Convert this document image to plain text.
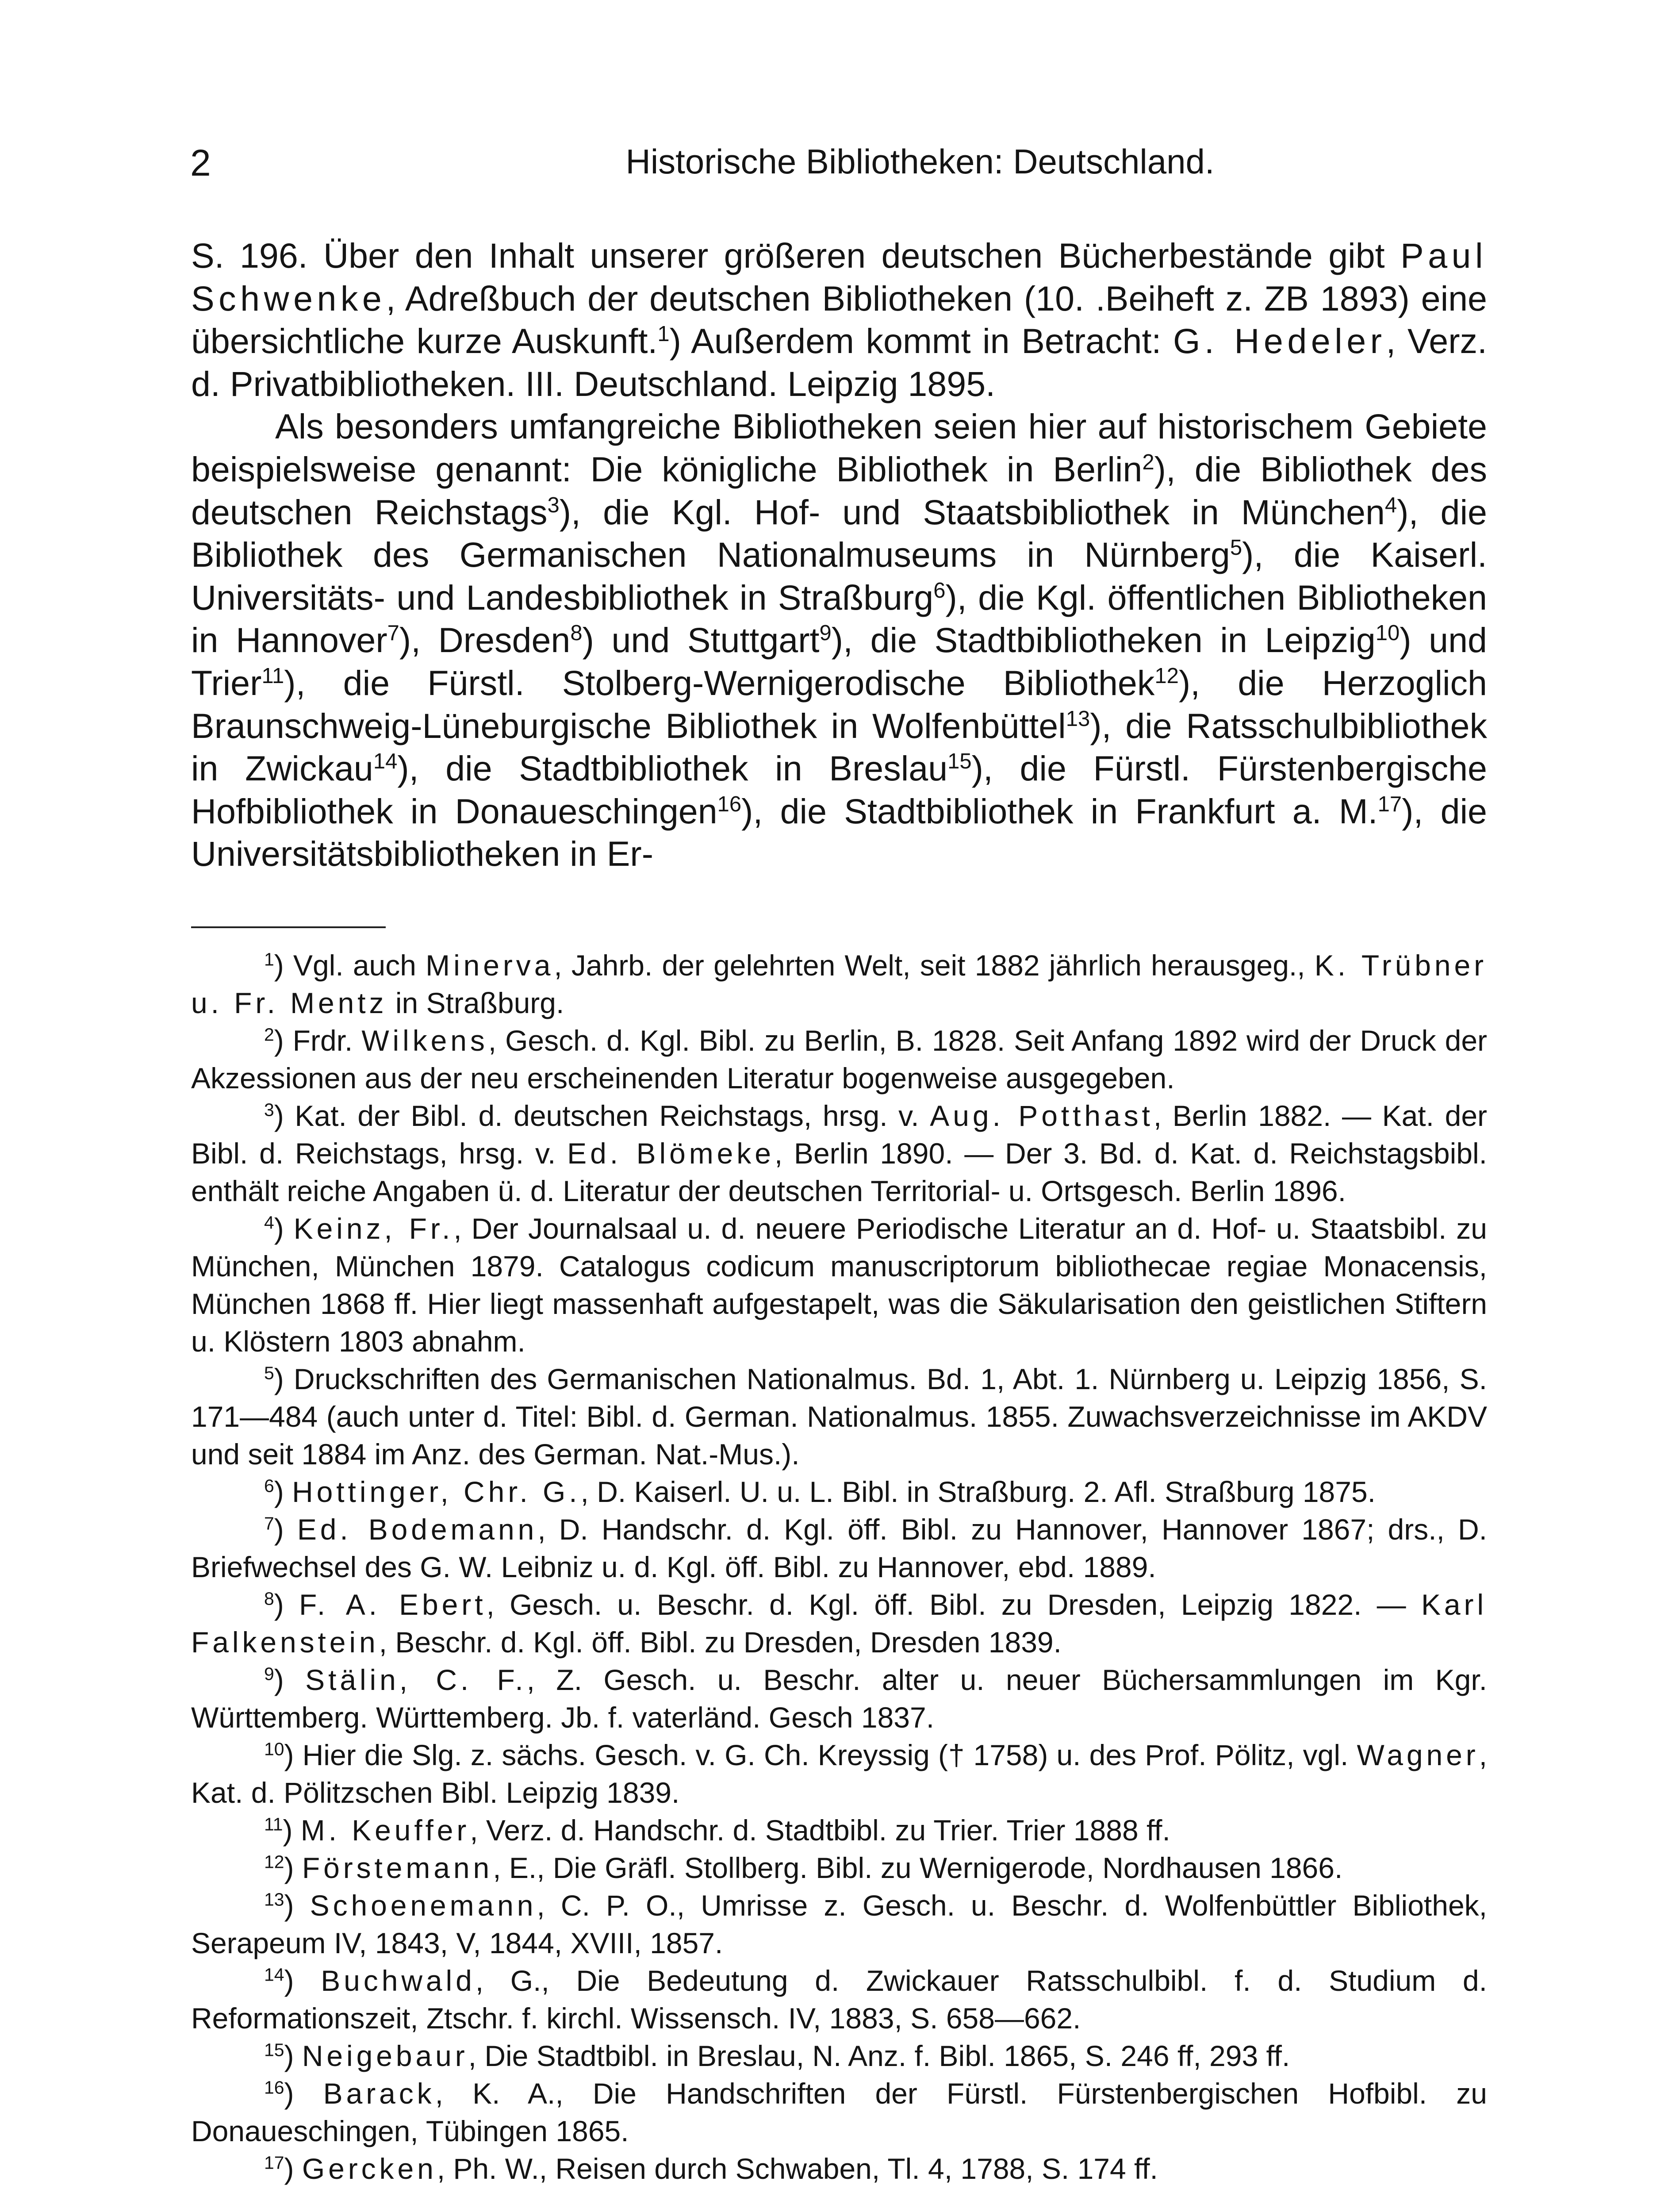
2	Historische Bibliotheken: Deutschland.

S. 196. Über den Inhalt unserer größeren deutschen Bücherbestände gibt Paul Schwenke, Adreßbuch der deutschen Bibliotheken (10. .Beiheft z. ZB 1893) eine übersichtliche kurze Auskunft.$^1$) Außerdem kommt in Betracht: G. Hedeler, Verz. d. Privatbibliotheken. III. Deutschland. Leipzig 1895.

Als besonders umfangreiche Bibliotheken seien hier auf historischem Gebiete beispielsweise genannt: Die königliche Bibliothek in Berlin$^2$), die Bibliothek des deutschen Reichstags$^3$), die Kgl. Hof- und Staatsbibliothek in München$^4$), die Bibliothek des Germanischen Nationalmuseums in Nürnberg$^5$), die Kaiserl. Universitäts- und Landesbibliothek in Straßburg$^6$), die Kgl. öffentlichen Bibliotheken in Hannover$^7$), Dresden$^8$) und Stuttgart$^9$), die Stadtbibliotheken in Leipzig$^{10}$) und Trier$^{11}$), die Fürstl. Stolberg-Wernigerodische Bibliothek$^{12}$), die Herzoglich Braunschweig-Lüneburgische Bibliothek in Wolfenbüttel$^{13}$), die Ratsschulbibliothek in Zwickau$^{14}$), die Stadtbibliothek in Breslau$^{15}$), die Fürstl. Fürstenbergische Hofbibliothek in Donaueschingen$^{16}$), die Stadtbibliothek in Frankfurt a. M.$^{17}$), die Universitätsbibliotheken in Er-

$^1$) Vgl. auch Minerva, Jahrb. der gelehrten Welt, seit 1882 jährlich herausgeg., K. Trübner u. Fr. Mentz in Straßburg.

$^2$) Frdr. Wilkens, Gesch. d. Kgl. Bibl. zu Berlin, B. 1828. Seit Anfang 1892 wird der Druck der Akzessionen aus der neu erscheinenden Literatur bogenweise ausgegeben.

$^3$) Kat. der Bibl. d. deutschen Reichstags, hrsg. v. Aug. Potthast, Berlin 1882. — Kat. der Bibl. d. Reichstags, hrsg. v. Ed. Blömeke, Berlin 1890. — Der 3. Bd. d. Kat. d. Reichstagsbibl. enthält reiche Angaben ü. d. Literatur der deutschen Territorial- u. Ortsgesch. Berlin 1896.

$^4$) Keinz, Fr., Der Journalsaal u. d. neuere Periodische Literatur an d. Hof- u. Staatsbibl. zu München, München 1879. Catalogus codicum manuscriptorum bibliothecae regiae Monacensis, München 1868 ff. Hier liegt massenhaft aufgestapelt, was die Säkularisation den geistlichen Stiftern u. Klöstern 1803 abnahm.

$^5$) Druckschriften des Germanischen Nationalmus. Bd. 1, Abt. 1. Nürnberg u. Leipzig 1856, S. 171—484 (auch unter d. Titel: Bibl. d. German. Nationalmus. 1855. Zuwachsverzeichnisse im AKDV und seit 1884 im Anz. des German. Nat.-Mus.).

$^6$) Hottinger, Chr. G., D. Kaiserl. U. u. L. Bibl. in Straßburg. 2. Afl. Straßburg 1875.

$^7$) Ed. Bodemann, D. Handschr. d. Kgl. öff. Bibl. zu Hannover, Hannover 1867; drs., D. Briefwechsel des G. W. Leibniz u. d. Kgl. öff. Bibl. zu Hannover, ebd. 1889.

$^8$) F. A. Ebert, Gesch. u. Beschr. d. Kgl. öff. Bibl. zu Dresden, Leipzig 1822. — Karl Falkenstein, Beschr. d. Kgl. öff. Bibl. zu Dresden, Dresden 1839.

$^9$) Stälin, C. F., Z. Gesch. u. Beschr. alter u. neuer Büchersammlungen im Kgr. Württemberg. Württemberg. Jb. f. vaterländ. Gesch 1837.

$^{10}$) Hier die Slg. z. sächs. Gesch. v. G. Ch. Kreyssig († 1758) u. des Prof. Pölitz, vgl. Wagner, Kat. d. Pölitzschen Bibl. Leipzig 1839.

$^{11}$) M. Keuffer, Verz. d. Handschr. d. Stadtbibl. zu Trier. Trier 1888 ff.

$^{12}$) Förstemann, E., Die Gräfl. Stollberg. Bibl. zu Wernigerode, Nordhausen 1866.

$^{13}$) Schoenemann, C. P. O., Umrisse z. Gesch. u. Beschr. d. Wolfenbüttler Bibliothek, Serapeum IV, 1843, V, 1844, XVIII, 1857.

$^{14}$) Buchwald, G., Die Bedeutung d. Zwickauer Ratsschulbibl. f. d. Studium d. Reformationszeit, Ztschr. f. kirchl. Wissensch. IV, 1883, S. 658—662.

$^{15}$) Neigebaur, Die Stadtbibl. in Breslau, N. Anz. f. Bibl. 1865, S. 246 ff, 293 ff.

$^{16}$) Barack, K. A., Die Handschriften der Fürstl. Fürstenbergischen Hofbibl. zu Donaueschingen, Tübingen 1865.

$^{17}$) Gercken, Ph. W., Reisen durch Schwaben, Tl. 4, 1788, S. 174 ff.
